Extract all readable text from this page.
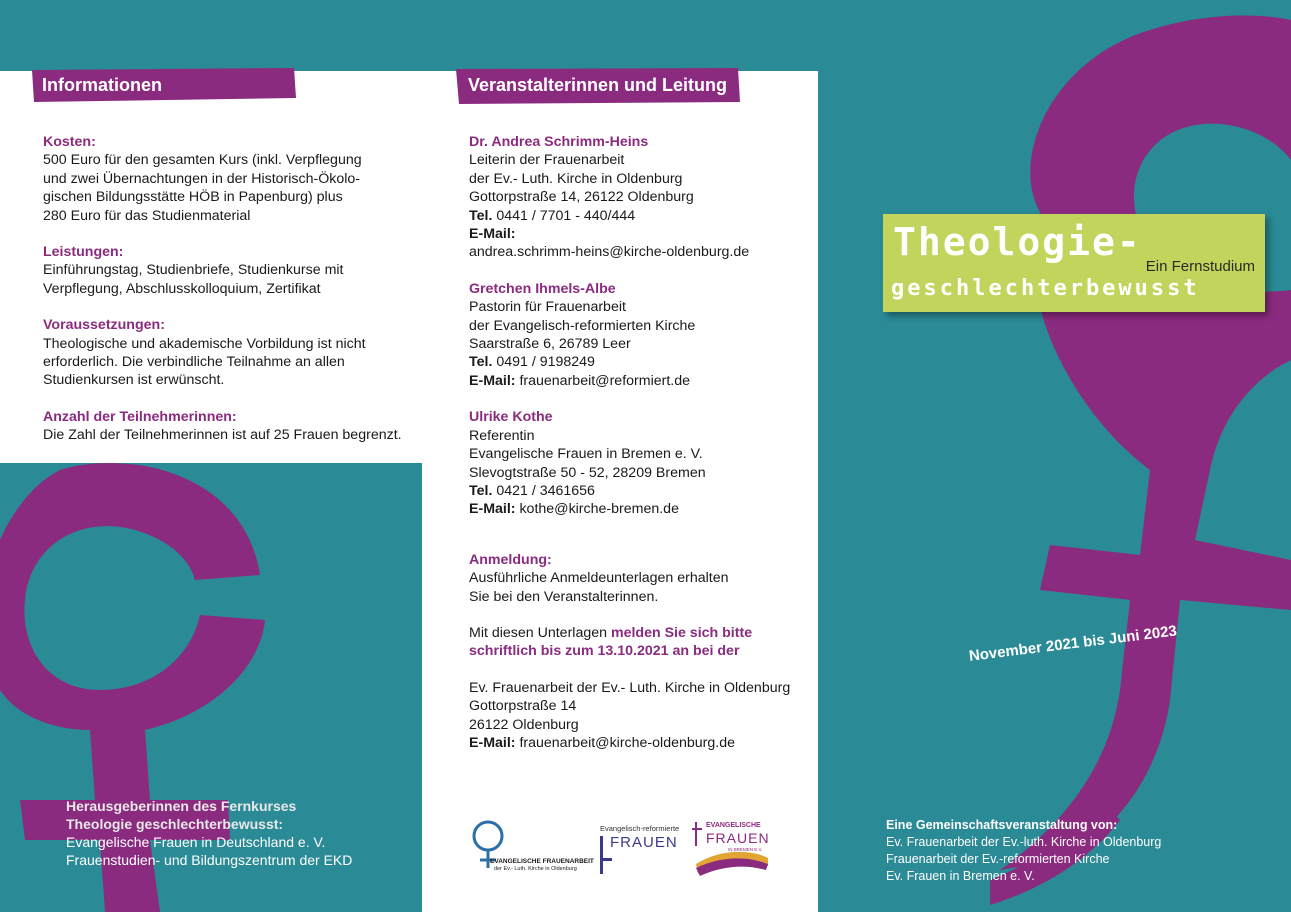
Informationen
Kosten:
500 Euro für den gesamten Kurs (inkl. Verpflegung
und zwei Übernachtungen in der Historisch-Ökolo-
gischen Bildungsstätte HÖB in Papenburg) plus
280 Euro für das Studienmaterial
Leistungen:
Einführungstag, Studienbriefe, Studienkurse mit
Verpflegung, Abschlusskolloquium, Zertifikat
Voraussetzungen:
Theologische und akademische Vorbildung ist nicht
erforderlich. Die verbindliche Teilnahme an allen
Studienkursen ist erwünscht.
Anzahl der Teilnehmerinnen:
Die Zahl der Teilnehmerinnen ist auf 25 Frauen begrenzt.
Veranstalterinnen und Leitung
Dr. Andrea Schrimm-Heins
Leiterin der Frauenarbeit
der Ev.- Luth. Kirche in Oldenburg
Gottorpstraße 14, 26122 Oldenburg
Tel. 0441 / 7701 - 440/444
E-Mail:
andrea.schrimm-heins@kirche-oldenburg.de
Gretchen Ihmels-Albe
Pastorin für Frauenarbeit
der Evangelisch-reformierten Kirche
Saarstraße 6, 26789 Leer
Tel. 0491 / 9198249
E-Mail: frauenarbeit@reformiert.de
Ulrike Kothe
Referentin
Evangelische Frauen in Bremen e. V.
Slevogtstraße 50 - 52, 28209 Bremen
Tel. 0421 / 3461656
E-Mail: kothe@kirche-bremen.de
Anmeldung:
Ausführliche Anmeldeunterlagen erhalten
Sie bei den Veranstalterinnen.
Mit diesen Unterlagen melden Sie sich bitte
schriftlich bis zum 13.10.2021 an bei der
Ev. Frauenarbeit der Ev.- Luth. Kirche in Oldenburg
Gottorpstraße 14
26122 Oldenburg
E-Mail: frauenarbeit@kirche-oldenburg.de
EVANGELISCHE FRAUENARBEIT
der Ev.- Luth. Kirche in Oldenburg
Evangelisch-reformierte
FRAUEN
EVANGELISCHE
FRAUEN
IN BREMEN E.V.
Theologie-
Ein Fernstudium
geschlechterbewusst
November 2021 bis Juni 2023
Herausgeberinnen des Fernkurses
Theologie geschlechterbewusst:
Evangelische Frauen in Deutschland e. V.
Frauenstudien- und Bildungszentrum der EKD
Eine Gemeinschaftsveranstaltung von:
Ev. Frauenarbeit der Ev.-luth. Kirche in Oldenburg
Frauenarbeit der Ev.-reformierten Kirche
Ev. Frauen in Bremen e. V.
